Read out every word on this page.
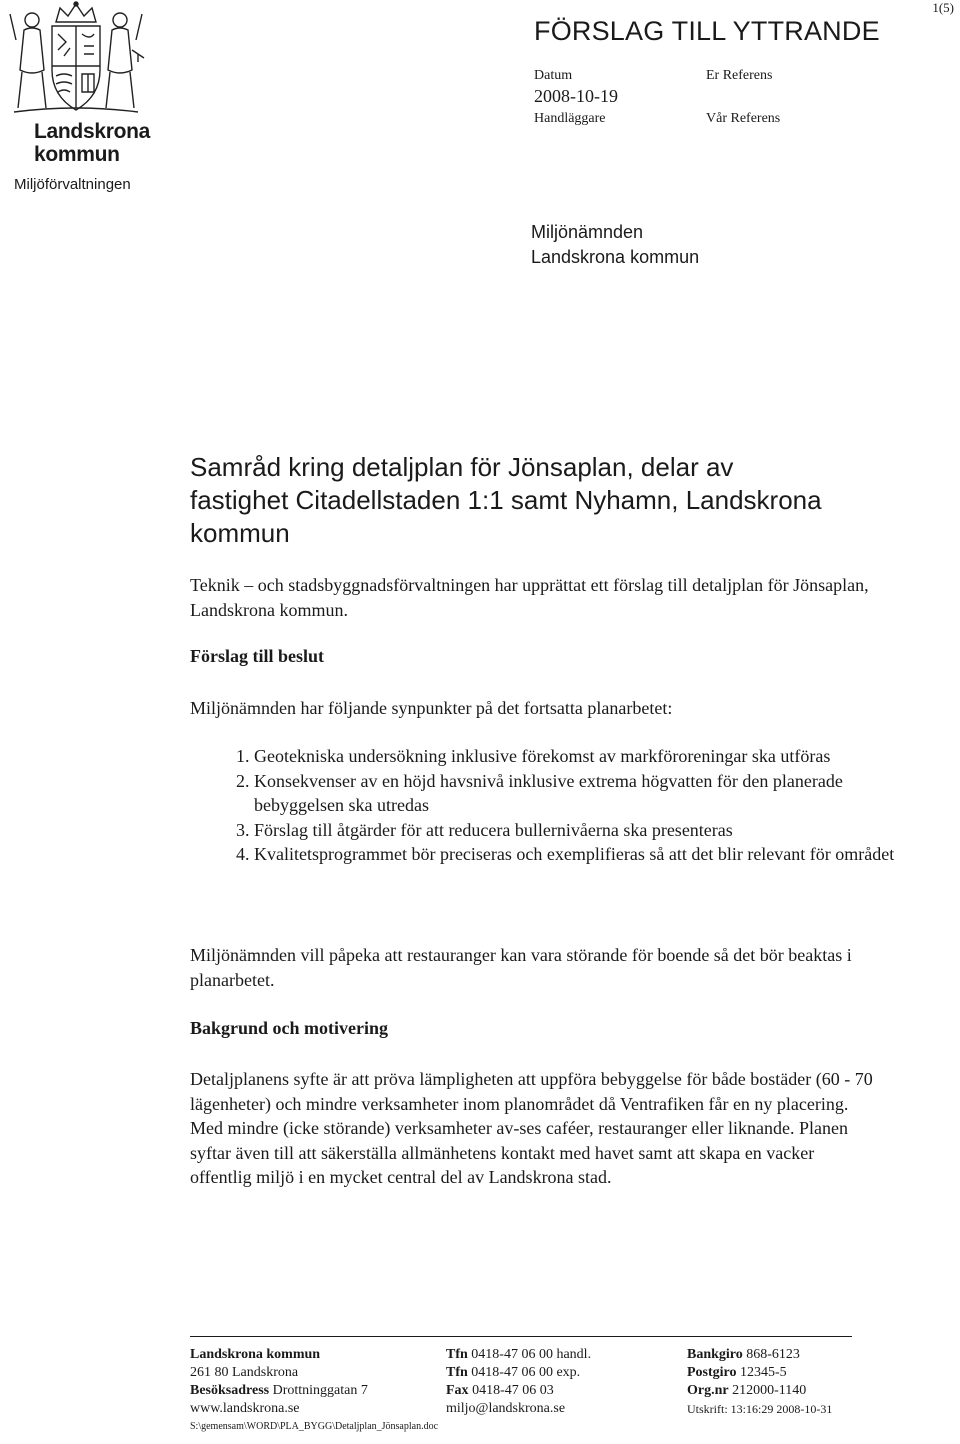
Landskrona
kommun
Miljöförvaltningen
1(5)
FÖRSLAG TILL YTTRANDE
Datum
2008-10-19
Handläggare
Er Referens
Vår Referens
Miljönämnden
Landskrona kommun
Samråd kring detaljplan för Jönsaplan, delar av fastighet Citadellstaden 1:1 samt Nyhamn, Landskrona kommun
Teknik – och stadsbyggnadsförvaltningen har upprättat ett förslag till detaljplan för Jönsaplan, Landskrona kommun.
Förslag till beslut
Miljönämnden har följande synpunkter på det fortsatta planarbetet:
1. Geotekniska undersökning inklusive förekomst av markföroreningar ska utföras
2. Konsekvenser av en höjd havsnivå inklusive extrema högvatten för den planerade bebyggelsen ska utredas
3. Förslag till åtgärder för att reducera bullernivåerna ska presenteras
4. Kvalitetsprogrammet bör preciseras och exemplifieras så att det blir relevant för området
Miljönämnden vill påpeka att restauranger kan vara störande för boende så det bör beaktas i planarbetet.
Bakgrund och motivering
Detaljplanens syfte är att pröva lämpligheten att uppföra bebyggelse för både bostäder (60 - 70 lägenheter) och mindre verksamheter inom planområdet då Ventrafiken får en ny placering. Med mindre (icke störande) verksamheter av-ses caféer, restauranger eller liknande. Planen syftar även till att säkerställa allmänhetens kontakt med havet samt att skapa en vacker offentlig miljö i en mycket central del av Landskrona stad.
Landskrona kommun
261 80 Landskrona
Besöksadress Drottninggatan 7
www.landskrona.se
S:\gemensam\WORD\PLA_BYGG\Detaljplan_Jönsaplan.doc
Tfn 0418-47 06 00 handl.
Tfn 0418-47 06 00 exp.
Fax 0418-47 06 03
miljo@landskrona.se
Bankgiro 868-6123
Postgiro 12345-5
Org.nr 212000-1140
Utskrift: 13:16:29 2008-10-31
